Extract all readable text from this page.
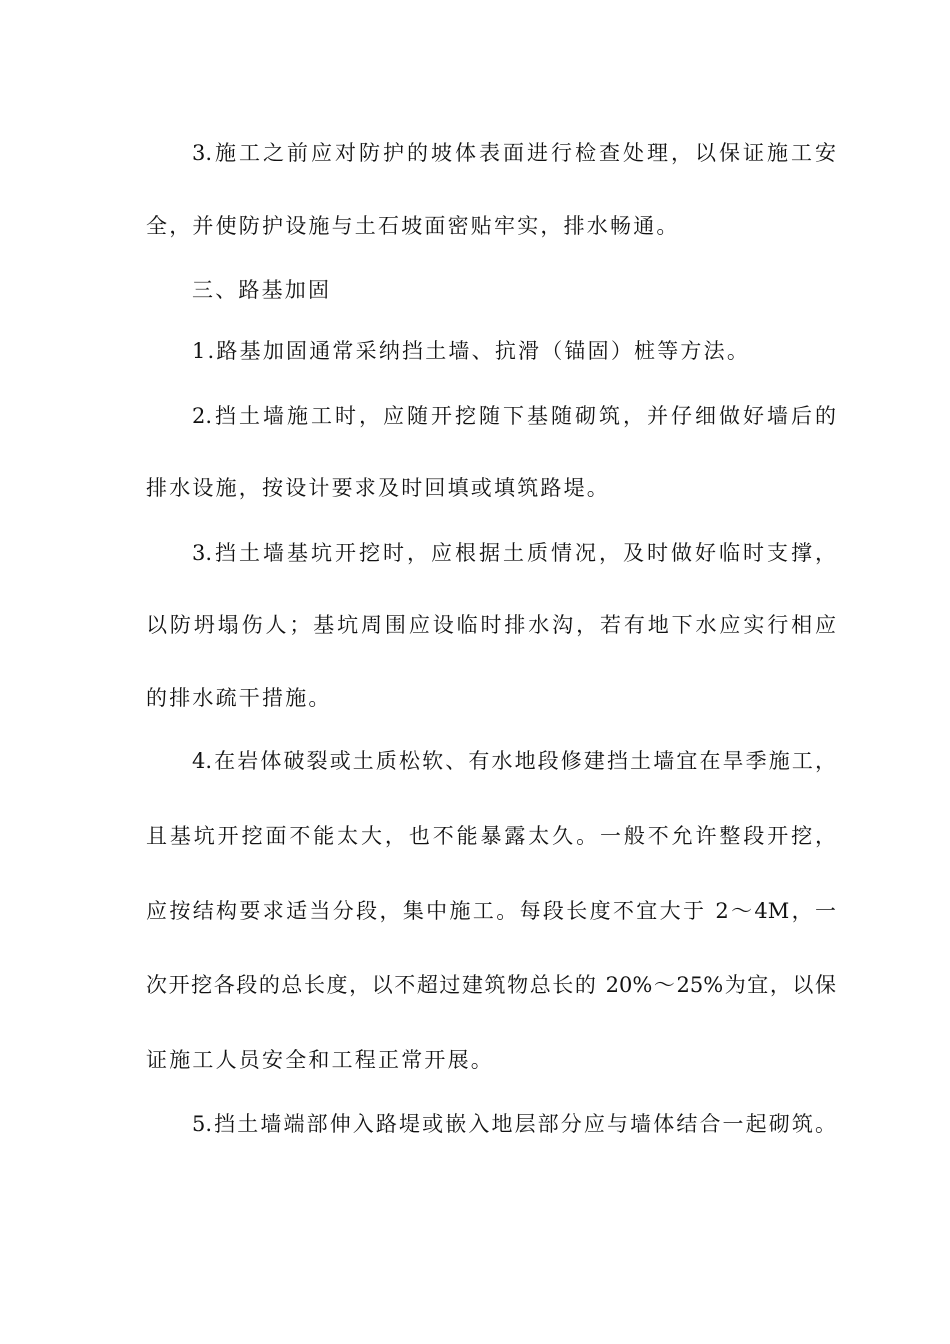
3.施工之前应对防护的坡体表面进行检查处理，以保证施工安
全，并使防护设施与土石坡面密贴牢实，排水畅通。
三、路基加固
1.路基加固通常采纳挡土墙、抗滑（锚固）桩等方法。
2.挡土墙施工时，应随开挖随下基随砌筑，并仔细做好墙后的
排水设施，按设计要求及时回填或填筑路堤。
3.挡土墙基坑开挖时，应根据土质情况，及时做好临时支撑，
以防坍塌伤人；基坑周围应设临时排水沟，若有地下水应实行相应
的排水疏干措施。
4.在岩体破裂或土质松软、有水地段修建挡土墙宜在旱季施工，
且基坑开挖面不能太大，也不能暴露太久。一般不允许整段开挖，
应按结构要求适当分段，集中施工。每段长度不宜大于 2～4M，一
次开挖各段的总长度，以不超过建筑物总长的 20%～25%为宜，以保
证施工人员安全和工程正常开展。
5.挡土墙端部伸入路堤或嵌入地层部分应与墙体结合一起砌筑。
